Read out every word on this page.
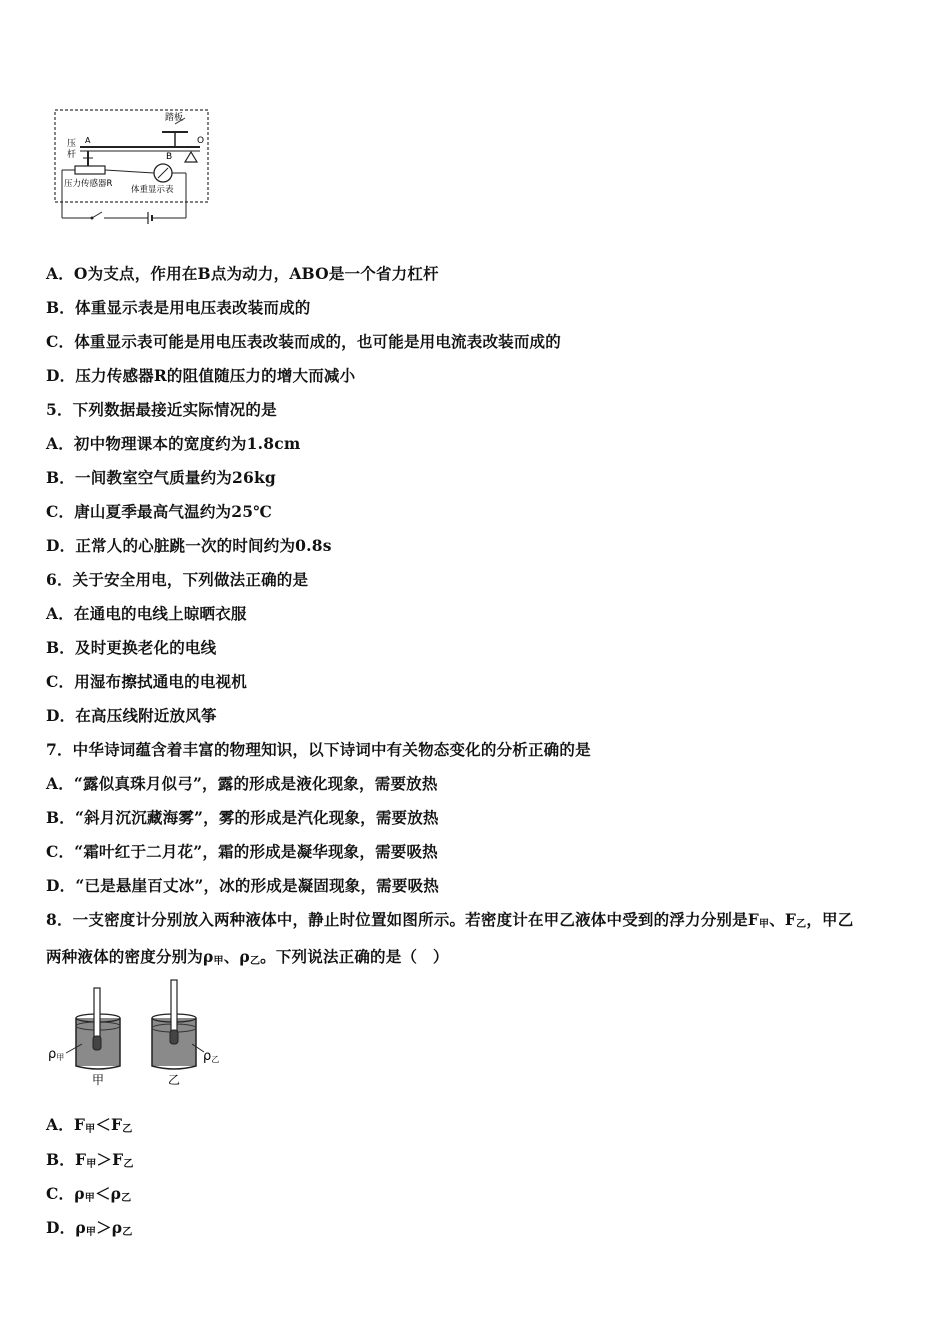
踏板
A
B
O
压
杆
压力传感器R
体重显示表
A．O为支点，作用在B点为动力，ABO是一个省力杠杆
B．体重显示表是用电压表改装而成的
C．体重显示表可能是用电压表改装而成的，也可能是用电流表改装而成的
D．压力传感器R的阻值随压力的增大而减小
5．下列数据最接近实际情况的是
A．初中物理课本的宽度约为1.8cm
B．一间教室空气质量约为26kg
C．唐山夏季最高气温约为25℃
D．正常人的心脏跳一次的时间约为0.8s
6．关于安全用电，下列做法正确的是
A．在通电的电线上晾晒衣服
B．及时更换老化的电线
C．用湿布擦拭通电的电视机
D．在高压线附近放风筝
7．中华诗词蕴含着丰富的物理知识，以下诗词中有关物态变化的分析正确的是
A．“露似真珠月似弓”，露的形成是液化现象，需要放热
B．“斜月沉沉藏海雾”，雾的形成是汽化现象，需要放热
C．“霜叶红于二月花”，霜的形成是凝华现象，需要吸热
D．“已是悬崖百丈冰”，冰的形成是凝固现象，需要吸热
8．一支密度计分别放入两种液体中，静止时位置如图所示。若密度计在甲乙液体中受到的浮力分别是$F_甲$、$F_乙$，甲乙
两种液体的密度分别为$\rho_甲$、$\rho_乙$。下列说法正确的是（　）
ρ甲	ρ乙
甲	乙
A．$F_甲<F_乙$
B．$F_甲>F_乙$
C．$\rho_甲<\rho_乙$
D．$\rho_甲>\rho_乙$
